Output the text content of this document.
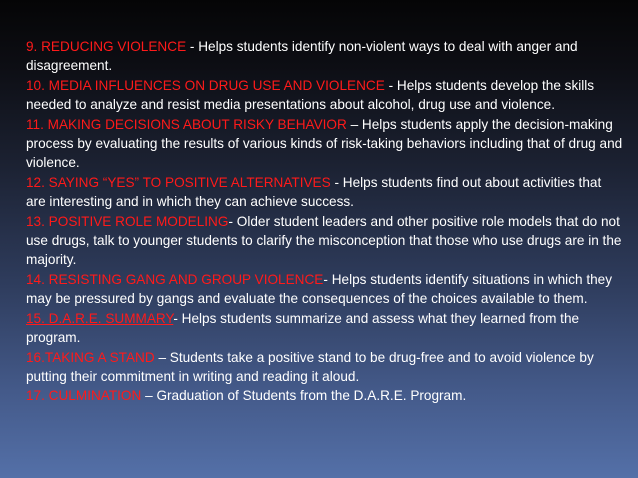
9. REDUCING VIOLENCE - Helps students identify non-violent ways to deal with anger and disagreement.

10. MEDIA INFLUENCES ON DRUG USE AND VIOLENCE - Helps students develop the skills needed to analyze and resist media presentations about alcohol, drug use and violence.

11. MAKING DECISIONS ABOUT RISKY BEHAVIOR – Helps students apply the decision-making process by evaluating the results of various kinds of risk-taking behaviors including that of drug and violence.

12. SAYING “YES” TO POSITIVE ALTERNATIVES - Helps students find out about activities that are interesting and in which they can achieve success.

13. POSITIVE ROLE MODELING- Older student leaders and other positive role models that do not use drugs, talk to younger students to clarify the misconception that those who use drugs are in the majority.

14. RESISTING GANG AND GROUP VIOLENCE- Helps students identify situations in which they may be pressured by gangs and evaluate the consequences of the choices available to them.

15. D.A.R.E. SUMMARY- Helps students summarize and assess what they learned from the program.

16.TAKING A STAND – Students take a positive stand to be drug-free and to avoid violence by putting their commitment in writing and reading it aloud.

17. CULMINATION – Graduation of Students from the D.A.R.E. Program.
